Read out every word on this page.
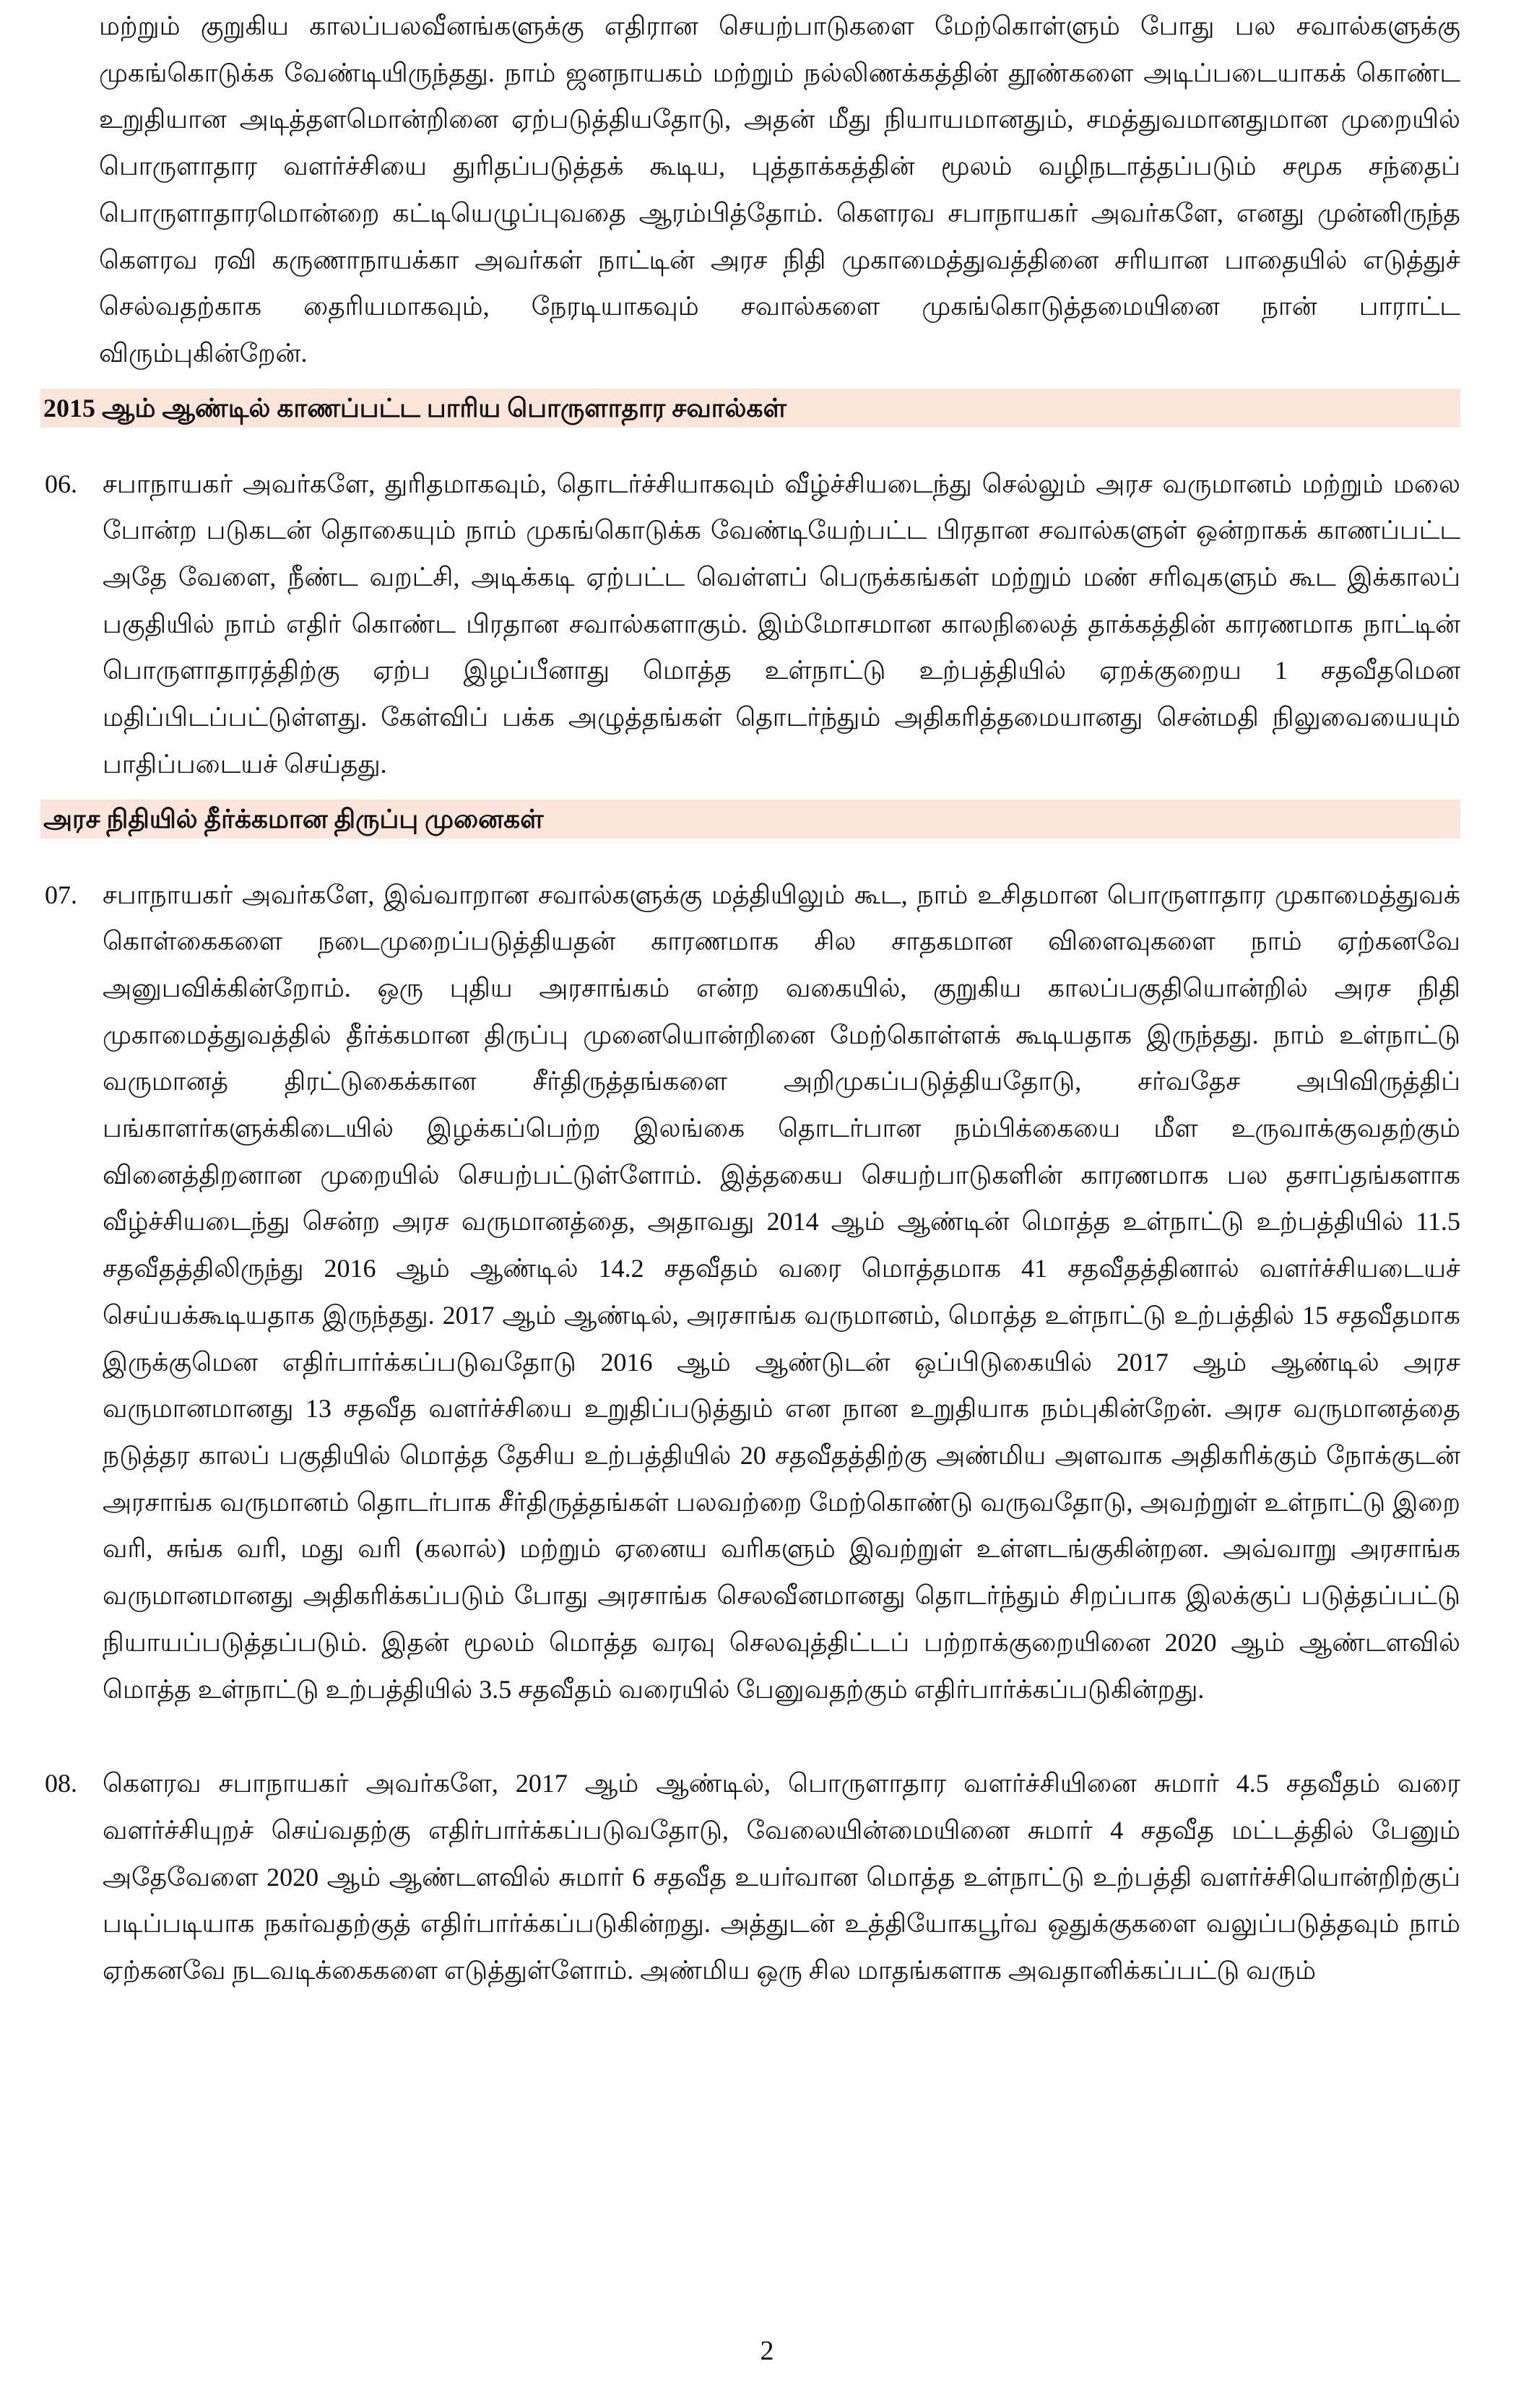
மற்றும் குறுகிய காலப்பலவீனங்களுக்கு எதிரான செயற்பாடுகளை மேற்கொள்ளும் போது பல சவால்களுக்கு முகங்கொடுக்க வேண்டியிருந்தது. நாம் ஜனநாயகம் மற்றும் நல்லிணக்கத்தின் தூண்களை அடிப்படையாகக் கொண்ட உறுதியான அடித்தளமொன்றினை ஏற்படுத்தியதோடு, அதன் மீது நியாயமானதும், சமத்துவமானதுமான முறையில் பொருளாதார வளர்ச்சியை துரிதப்படுத்தக் கூடிய, புத்தாக்கத்தின் மூலம் வழிநடாத்தப்படும் சமூக சந்தைப் பொருளாதாரமொன்றை கட்டியெழுப்புவதை ஆரம்பித்தோம். கௌரவ சபாநாயகர் அவர்களே, எனது முன்னிருந்த கௌரவ ரவி கருணாநாயக்கா அவர்கள் நாட்டின் அரச நிதி முகாமைத்துவத்தினை சரியான பாதையில் எடுத்துச் செல்வதற்காக தைரியமாகவும், நேரடியாகவும் சவால்களை முகங்கொடுத்தமையினை நான் பாராட்ட விரும்புகின்றேன்.

2015 ஆம் ஆண்டில் காணப்பட்ட பாரிய பொருளாதார சவால்கள்
06. சபாநாயகர் அவர்களே, துரிதமாகவும், தொடர்ச்சியாகவும் வீழ்ச்சியடைந்து செல்லும் அரச வருமானம் மற்றும் மலை போன்ற படுகடன் தொகையும் நாம் முகங்கொடுக்க வேண்டியேற்பட்ட பிரதான சவால்களுள் ஒன்றாகக் காணப்பட்ட அதே வேளை, நீண்ட வறட்சி, அடிக்கடி ஏற்பட்ட வெள்ளப் பெருக்கங்கள் மற்றும் மண் சரிவுகளும் கூட இக்காலப் பகுதியில் நாம் எதிர் கொண்ட பிரதான சவால்களாகும். இம்மோசமான காலநிலைத் தாக்கத்தின் காரணமாக நாட்டின் பொருளாதாரத்திற்கு ஏற்ப இழப்பீனாது மொத்த உள்நாட்டு உற்பத்தியில் ஏறக்குறைய 1 சதவீதமென மதிப்பிடப்பட்டுள்ளது. கேள்விப் பக்க அழுத்தங்கள் தொடர்ந்தும் அதிகரித்தமையானது சென்மதி நிலுவையையும் பாதிப்படையச் செய்தது.

அரச நிதியில் தீர்க்கமான திருப்பு முனைகள்
07. சபாநாயகர் அவர்களே, இவ்வாறான சவால்களுக்கு மத்தியிலும் கூட, நாம் உசிதமான பொருளாதார முகாமைத்துவக் கொள்கைகளை நடைமுறைப்படுத்தியதன் காரணமாக சில சாதகமான விளைவுகளை நாம் ஏற்கனவே அனுபவிக்கின்றோம். ஒரு புதிய அரசாங்கம் என்ற வகையில், குறுகிய காலப்பகுதியொன்றில் அரச நிதி முகாமைத்துவத்தில் தீர்க்கமான திருப்பு முனையொன்றினை மேற்கொள்ளக் கூடியதாக இருந்தது. நாம் உள்நாட்டு வருமானத் திரட்டுகைக்கான சீர்திருத்தங்களை அறிமுகப்படுத்தியதோடு, சர்வதேச அபிவிருத்திப் பங்காளர்களுக்கிடையில் இழக்கப்பெற்ற இலங்கை தொடர்பான நம்பிக்கையை மீள உருவாக்குவதற்கும் வினைத்திறனான முறையில் செயற்பட்டுள்ளோம். இத்தகைய செயற்பாடுகளின் காரணமாக பல தசாப்தங்களாக வீழ்ச்சியடைந்து சென்ற அரச வருமானத்தை, அதாவது 2014 ஆம் ஆண்டின் மொத்த உள்நாட்டு உற்பத்தியில் 11.5 சதவீதத்திலிருந்து 2016 ஆம் ஆண்டில் 14.2 சதவீதம் வரை மொத்தமாக 41 சதவீதத்தினால் வளர்ச்சியடையச் செய்யக்கூடியதாக இருந்தது. 2017 ஆம் ஆண்டில், அரசாங்க வருமானம், மொத்த உள்நாட்டு உற்பத்தில் 15 சதவீதமாக இருக்குமென எதிர்பார்க்கப்படுவதோடு 2016 ஆம் ஆண்டுடன் ஒப்பிடுகையில் 2017 ஆம் ஆண்டில் அரச வருமானமானது 13 சதவீத வளர்ச்சியை உறுதிப்படுத்தும் என நான உறுதியாக நம்புகின்றேன். அரச வருமானத்தை நடுத்தர காலப் பகுதியில் மொத்த தேசிய உற்பத்தியில் 20 சதவீதத்திற்கு அண்மிய அளவாக அதிகரிக்கும் நோக்குடன் அரசாங்க வருமானம் தொடர்பாக சீர்திருத்தங்கள் பலவற்றை மேற்கொண்டு வருவதோடு, அவற்றுள் உள்நாட்டு இறை வரி, சுங்க வரி, மது வரி (கலால்) மற்றும் ஏனைய வரிகளும் இவற்றுள் உள்ளடங்குகின்றன. அவ்வாறு அரசாங்க வருமானமானது அதிகரிக்கப்படும் போது அரசாங்க செலவீனமானது தொடர்ந்தும் சிறப்பாக இலக்குப் படுத்தப்பட்டு நியாயப்படுத்தப்படும். இதன் மூலம் மொத்த வரவு செலவுத்திட்டப் பற்றாக்குறையினை 2020 ஆம் ஆண்டளவில் மொத்த உள்நாட்டு உற்பத்தியில் 3.5 சதவீதம் வரையில் பேனுவதற்கும் எதிர்பார்க்கப்படுகின்றது.

08. கௌரவ சபாநாயகர் அவர்களே, 2017 ஆம் ஆண்டில், பொருளாதார வளர்ச்சியினை சுமார் 4.5 சதவீதம் வரை வளர்ச்சியுறச் செய்வதற்கு எதிர்பார்க்கப்படுவதோடு, வேலையின்மையினை சுமார் 4 சதவீத மட்டத்தில் பேனும் அதேவேளை 2020 ஆம் ஆண்டளவில் சுமார் 6 சதவீத உயர்வான மொத்த உள்நாட்டு உற்பத்தி வளர்ச்சியொன்றிற்குப் படிப்படியாக நகர்வதற்குத் எதிர்பார்க்கப்படுகின்றது. அத்துடன் உத்தியோகபூர்வ ஒதுக்குகளை வலுப்படுத்தவும் நாம் ஏற்கனவே நடவடிக்கைகளை எடுத்துள்ளோம். அண்மிய ஒரு சில மாதங்களாக அவதானிக்கப்பட்டு வரும்

2
